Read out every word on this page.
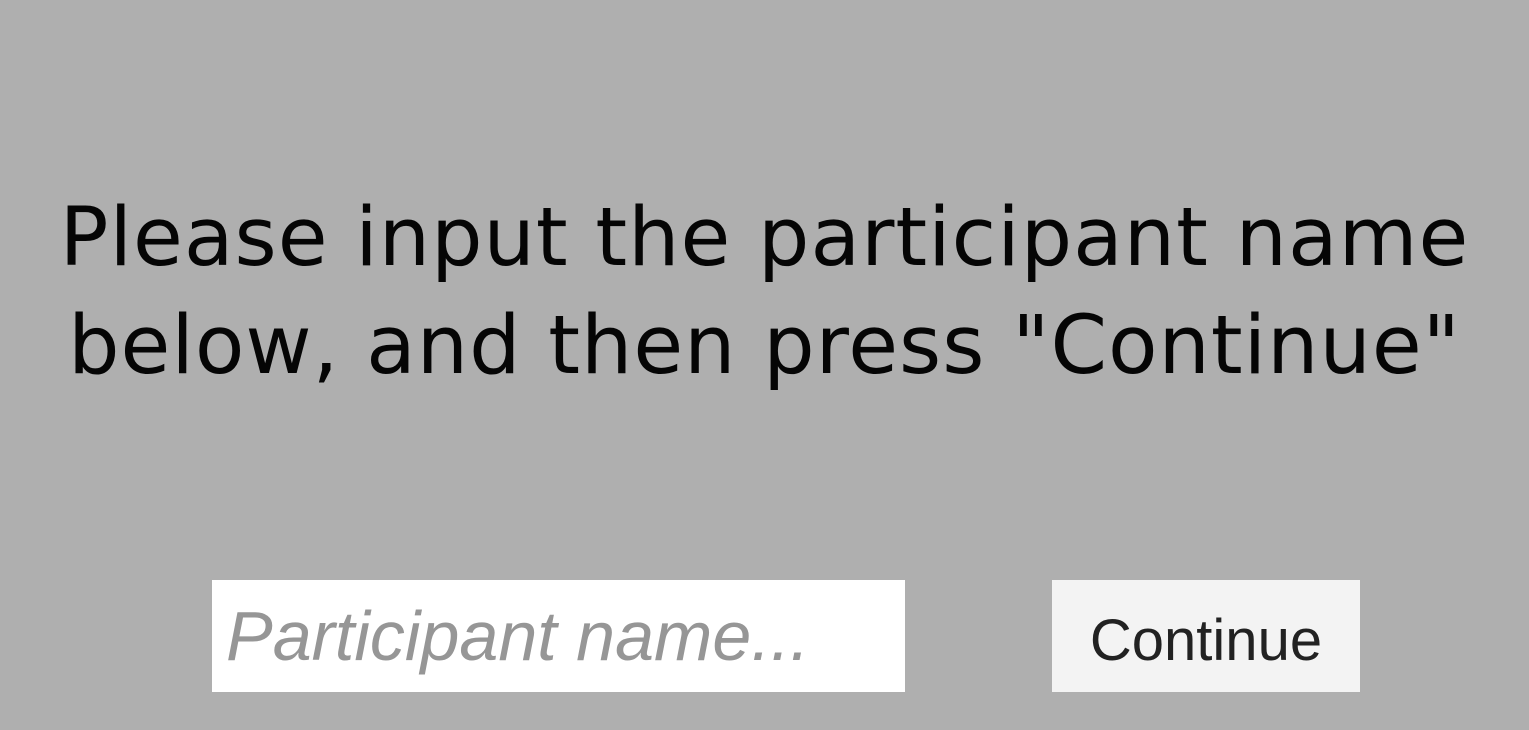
Please input the participant name
below, and then press "Continue"
Participant name...
Continue
